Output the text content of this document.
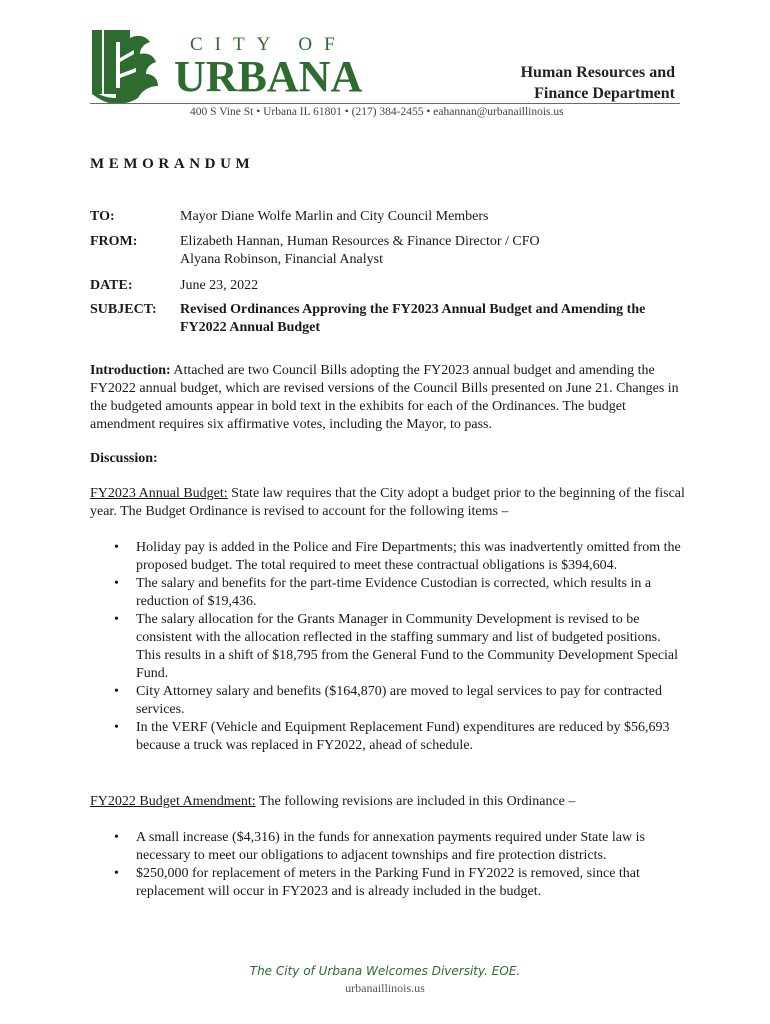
CITY OF
URBANA	Human Resources and
Finance Department
400 S Vine St • Urbana IL 61801 • (217) 384-2455 • eahannan@urbanaillinois.us
MEMORANDUM
TO:	Mayor Diane Wolfe Marlin and City Council Members
FROM:	Elizabeth Hannan, Human Resources & Finance Director / CFO
Alyana Robinson, Financial Analyst
DATE:	June 23, 2022
SUBJECT:	Revised Ordinances Approving the FY2023 Annual Budget and Amending the FY2022 Annual Budget
Introduction: Attached are two Council Bills adopting the FY2023 annual budget and amending the FY2022 annual budget, which are revised versions of the Council Bills presented on June 21. Changes in the budgeted amounts appear in bold text in the exhibits for each of the Ordinances. The budget amendment requires six affirmative votes, including the Mayor, to pass.
Discussion:
FY2023 Annual Budget: State law requires that the City adopt a budget prior to the beginning of the fiscal year. The Budget Ordinance is revised to account for the following items –
• Holiday pay is added in the Police and Fire Departments; this was inadvertently omitted from the proposed budget. The total required to meet these contractual obligations is $394,604.
• The salary and benefits for the part-time Evidence Custodian is corrected, which results in a reduction of $19,436.
• The salary allocation for the Grants Manager in Community Development is revised to be consistent with the allocation reflected in the staffing summary and list of budgeted positions. This results in a shift of $18,795 from the General Fund to the Community Development Special Fund.
• City Attorney salary and benefits ($164,870) are moved to legal services to pay for contracted services.
• In the VERF (Vehicle and Equipment Replacement Fund) expenditures are reduced by $56,693 because a truck was replaced in FY2022, ahead of schedule.
FY2022 Budget Amendment: The following revisions are included in this Ordinance –
• A small increase ($4,316) in the funds for annexation payments required under State law is necessary to meet our obligations to adjacent townships and fire protection districts.
• $250,000 for replacement of meters in the Parking Fund in FY2022 is removed, since that replacement will occur in FY2023 and is already included in the budget.
The City of Urbana Welcomes Diversity. EOE.
urbanaillinois.us
